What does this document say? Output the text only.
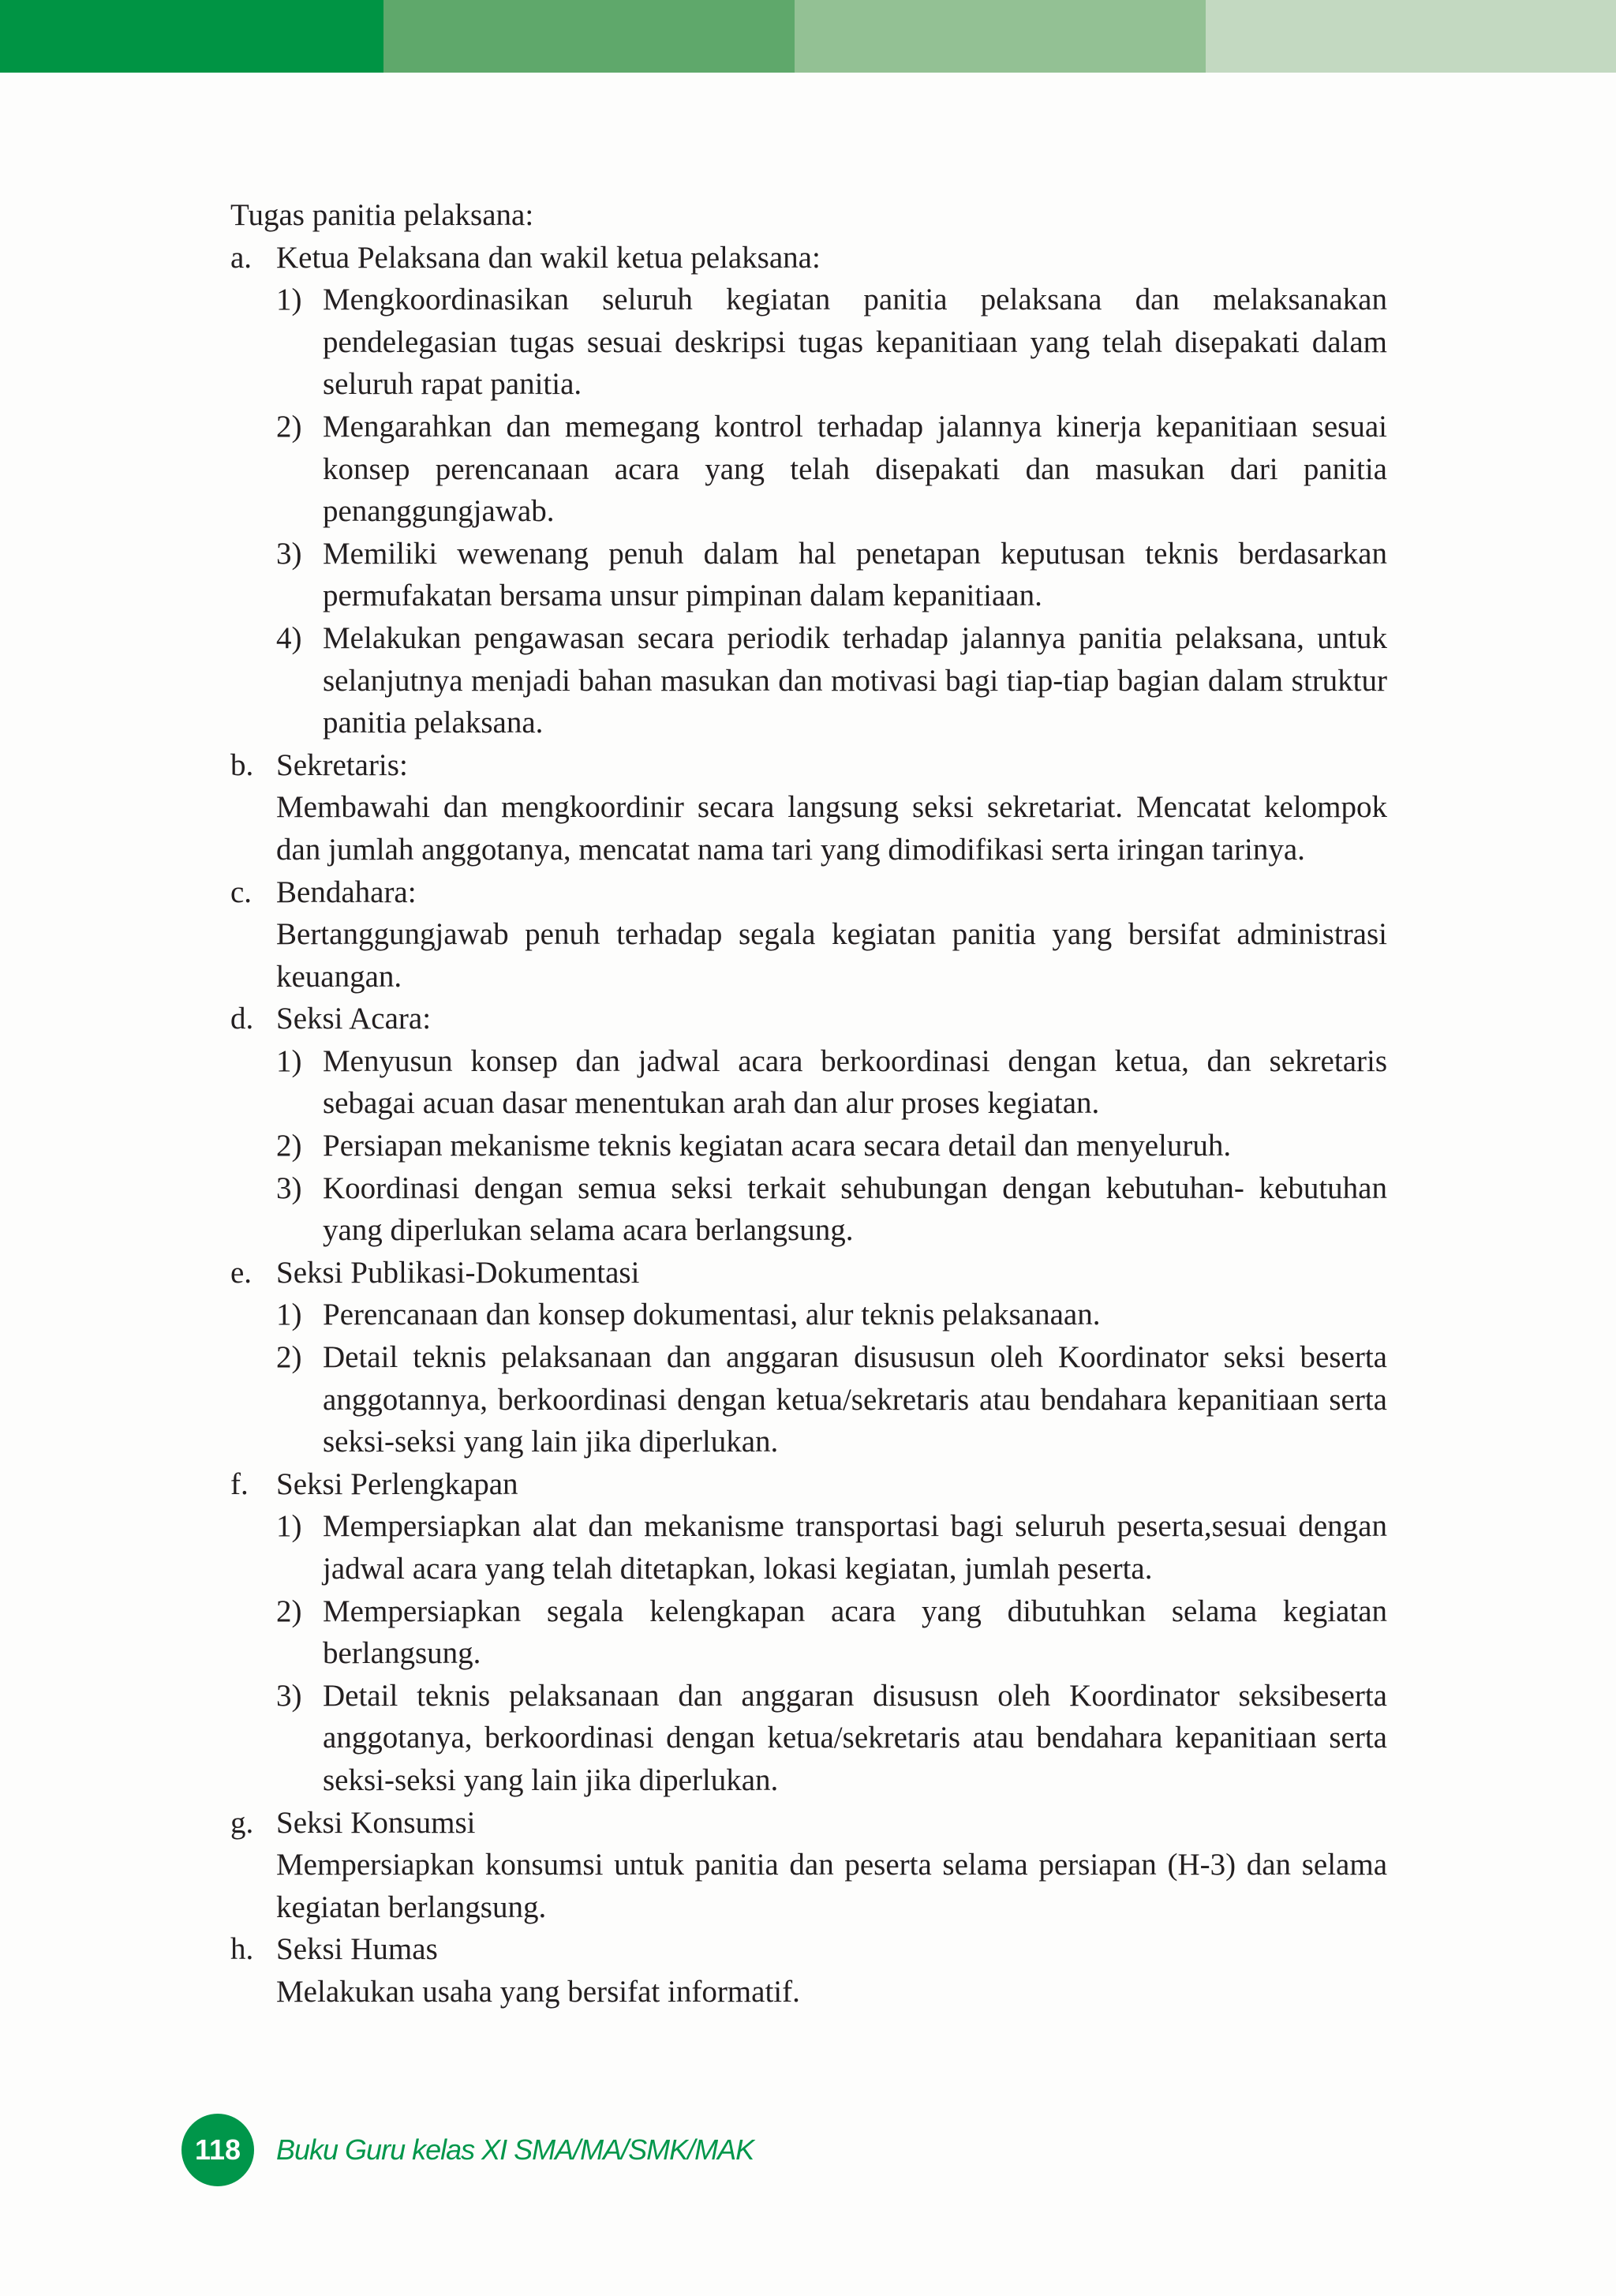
Tugas panitia pelaksana:

a. Ketua Pelaksana dan wakil ketua pelaksana:

1) Mengkoordinasikan seluruh kegiatan panitia pelaksana dan melaksanakan pendelegasian tugas sesuai deskripsi tugas kepanitiaan yang telah disepakati dalam seluruh rapat panitia.
2) Mengarahkan dan memegang kontrol terhadap jalannya kinerja kepanitiaan sesuai konsep perencanaan acara yang telah disepakati dan masukan dari panitia penanggungjawab.
3) Memiliki wewenang penuh dalam hal penetapan keputusan teknis berdasarkan permufakatan bersama unsur pimpinan dalam kepanitiaan.
4) Melakukan pengawasan secara periodik terhadap jalannya panitia pelaksana, untuk selanjutnya menjadi bahan masukan dan motivasi bagi tiap-tiap bagian dalam struktur panitia pelaksana.
b. Sekretaris:

Membawahi dan mengkoordinir secara langsung seksi sekretariat. Mencatat kelompok dan jumlah anggotanya, mencatat nama tari yang dimodifikasi serta iringan tarinya.

c. Bendahara:

Bertanggungjawab penuh terhadap segala kegiatan panitia yang bersifat administrasi keuangan.

d. Seksi Acara:

1) Menyusun konsep dan jadwal acara berkoordinasi dengan ketua, dan sekretaris sebagai acuan dasar menentukan arah dan alur proses kegiatan.
2) Persiapan mekanisme teknis kegiatan acara secara detail dan menyeluruh.
3) Koordinasi dengan semua seksi terkait sehubungan dengan kebutuhan- kebutuhan yang diperlukan selama acara berlangsung.
e. Seksi Publikasi-Dokumentasi

1) Perencanaan dan konsep dokumentasi, alur teknis pelaksanaan.
2) Detail teknis pelaksanaan dan anggaran disususun oleh Koordinator seksi beserta anggotannya, berkoordinasi dengan ketua/sekretaris atau bendahara kepanitiaan serta seksi-seksi yang lain jika diperlukan.
f. Seksi Perlengkapan

1) Mempersiapkan alat dan mekanisme transportasi bagi seluruh peserta,sesuai dengan jadwal acara yang telah ditetapkan, lokasi kegiatan, jumlah peserta.
2) Mempersiapkan segala kelengkapan acara yang dibutuhkan selama kegiatan berlangsung.
3) Detail teknis pelaksanaan dan anggaran disususn oleh Koordinator seksibeserta anggotanya, berkoordinasi dengan ketua/sekretaris atau bendahara kepanitiaan serta seksi-seksi yang lain jika diperlukan.
g. Seksi Konsumsi

Mempersiapkan konsumsi untuk panitia dan peserta selama persiapan (H-3) dan selama kegiatan berlangsung.

h. Seksi Humas

Melakukan usaha yang bersifat informatif.

118 Buku Guru kelas XI SMA/MA/SMK/MAK
